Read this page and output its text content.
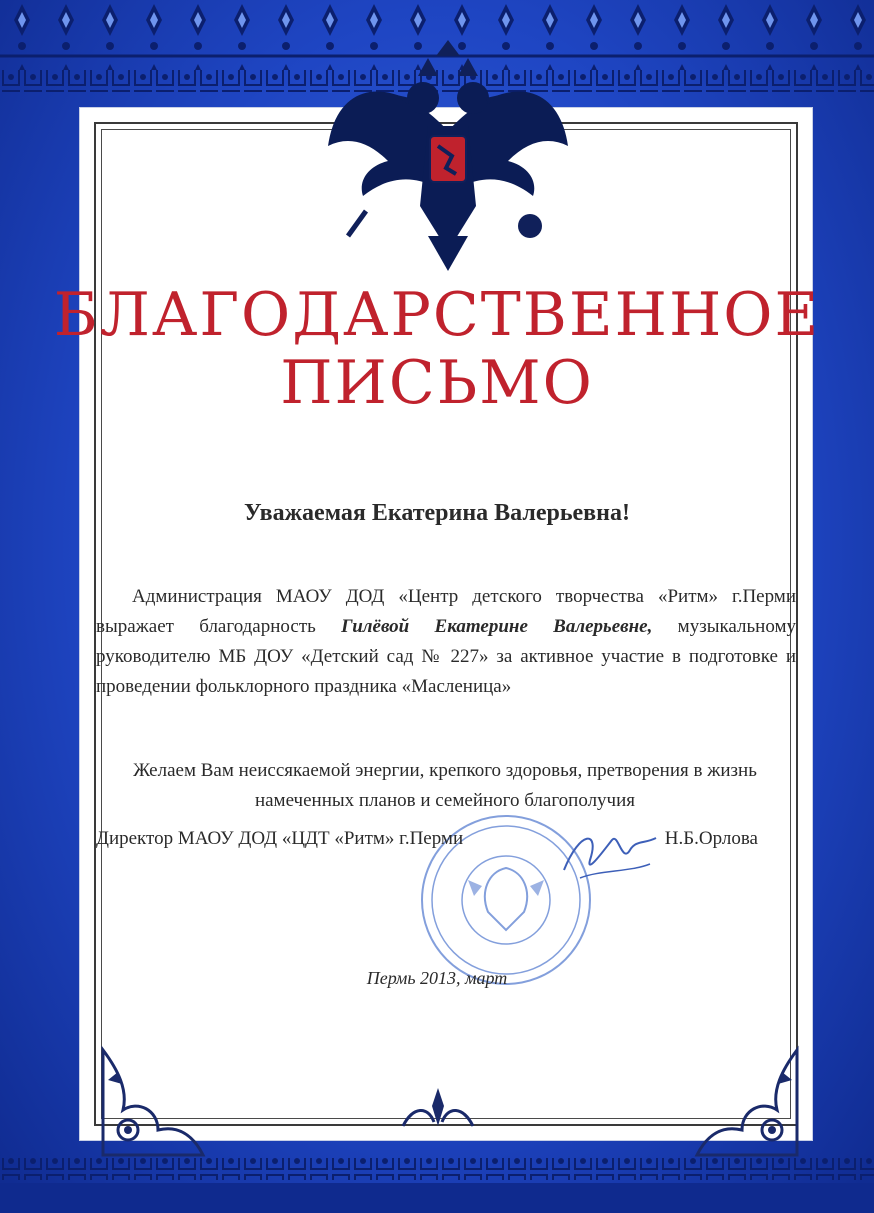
БЛАГОДАРСТВЕННОЕ
ПИСЬМО
Уважаемая Екатерина Валерьевна!
Администрация МАОУ ДОД «Центр детского творчества «Ритм» г.Перми выражает благодарность Гилёвой Екатерине Валерьевне, музыкальному руководителю МБ ДОУ «Детский сад № 227» за активное участие в подготовке и проведении фольклорного праздника «Масленица»
Желаем Вам неиссякаемой энергии, крепкого здоровья, претворения в жизнь намеченных планов и семейного благополучия
Директор МАОУ ДОД «ЦДТ «Ритм» г.Перми	Н.Б.Орлова
Пермь 2013, март
